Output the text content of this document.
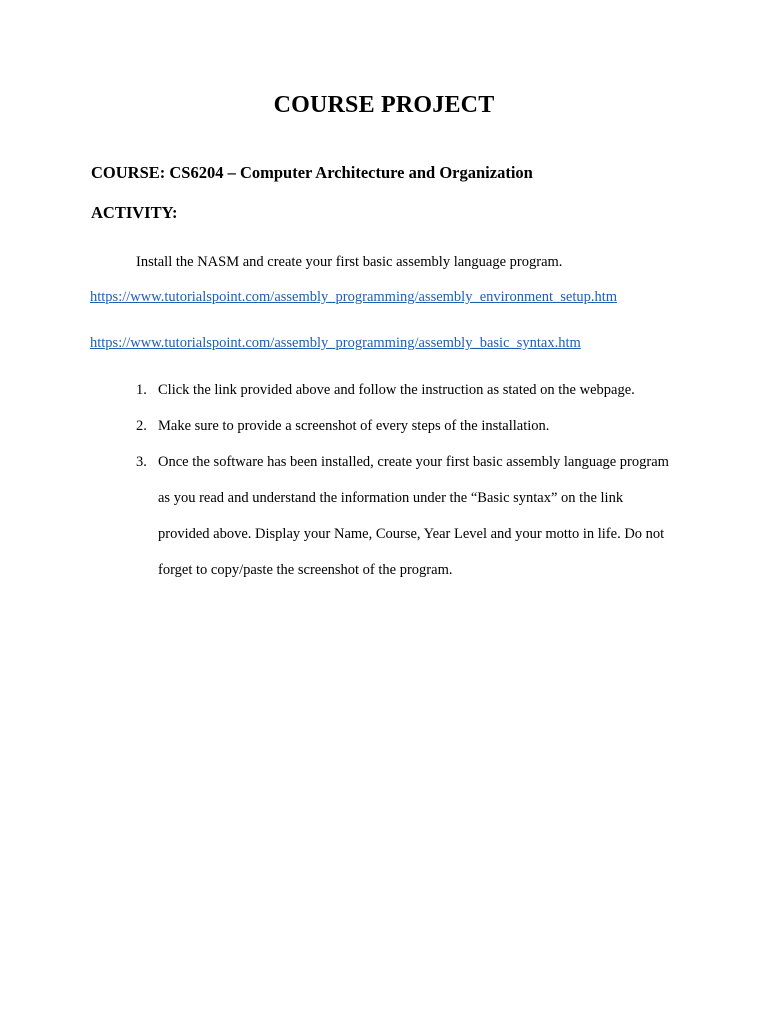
COURSE PROJECT
COURSE: CS6204 – Computer Architecture and Organization
ACTIVITY:
Install the NASM and create your first basic assembly language program.
https://www.tutorialspoint.com/assembly_programming/assembly_environment_setup.htm
https://www.tutorialspoint.com/assembly_programming/assembly_basic_syntax.htm
1. Click the link provided above and follow the instruction as stated on the webpage.
2. Make sure to provide a screenshot of every steps of the installation.
3. Once the software has been installed, create your first basic assembly language program as you read and understand the information under the “Basic syntax” on the link provided above. Display your Name, Course, Year Level and your motto in life. Do not forget to copy/paste the screenshot of the program.
